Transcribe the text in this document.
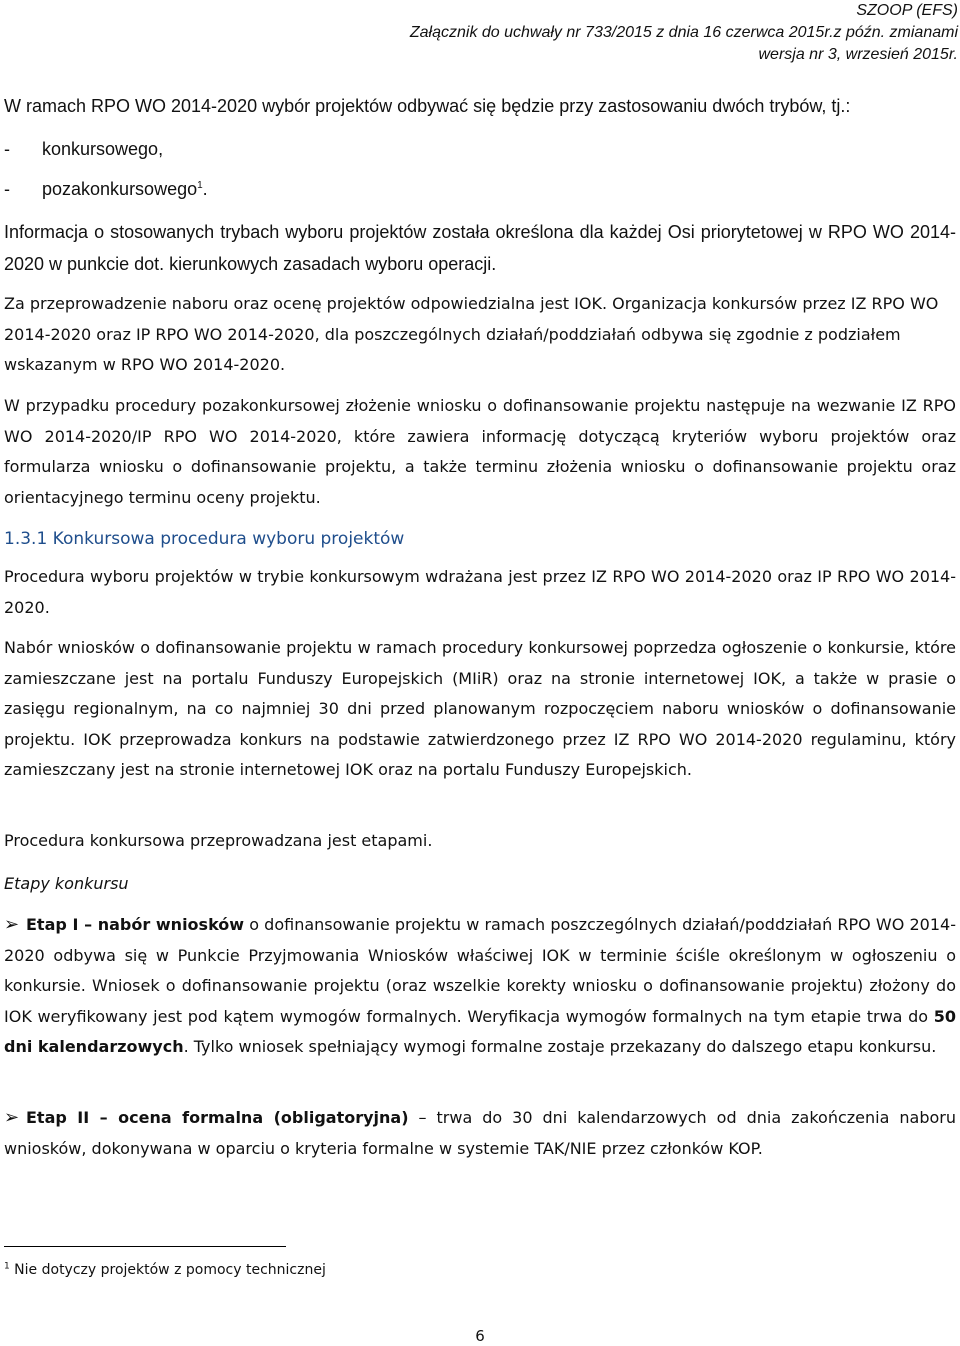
SZOOP (EFS)
Załącznik do uchwały nr 733/2015 z dnia 16 czerwca 2015r.z późn. zmianami
wersja nr 3, wrzesień 2015r.

W ramach RPO WO 2014-2020 wybór projektów odbywać się będzie przy zastosowaniu dwóch trybów, tj.:

- konkursowego,
- pozakonkursowego$^1$.

Informacja o stosowanych trybach wyboru projektów została określona dla każdej Osi priorytetowej w RPO WO 2014-2020 w punkcie dot. kierunkowych zasadach wyboru operacji.

Za przeprowadzenie naboru oraz ocenę projektów odpowiedzialna jest IOK. Organizacja konkursów przez IZ RPO WO 2014-2020 oraz IP RPO WO 2014-2020, dla poszczególnych działań/poddziałań odbywa się zgodnie z podziałem wskazanym w RPO WO 2014-2020.

W przypadku procedury pozakonkursowej złożenie wniosku o dofinansowanie projektu następuje na wezwanie IZ RPO WO 2014-2020/IP RPO WO 2014-2020, które zawiera informację dotyczącą kryteriów wyboru projektów oraz formularza wniosku o dofinansowanie projektu, a także terminu złożenia wniosku o dofinansowanie projektu oraz orientacyjnego terminu oceny projektu.

1.3.1 Konkursowa procedura wyboru projektów

Procedura wyboru projektów w trybie konkursowym wdrażana jest przez IZ RPO WO 2014-2020 oraz IP RPO WO 2014-2020.

Nabór wniosków o dofinansowanie projektu w ramach procedury konkursowej poprzedza ogłoszenie o konkursie, które zamieszczane jest na portalu Funduszy Europejskich (MIiR) oraz na stronie internetowej IOK, a także w prasie o zasięgu regionalnym, na co najmniej 30 dni przed planowanym rozpoczęciem naboru wniosków o dofinansowanie projektu. IOK przeprowadza konkurs na podstawie zatwierdzonego przez IZ RPO WO 2014-2020 regulaminu, który zamieszczany jest na stronie internetowej IOK oraz na portalu Funduszy Europejskich.

Procedura konkursowa przeprowadzana jest etapami.

Etapy konkursu

➢ Etap I – nabór wniosków o dofinansowanie projektu w ramach poszczególnych działań/poddziałań RPO WO 2014-2020 odbywa się w Punkcie Przyjmowania Wniosków właściwej IOK w terminie ściśle określonym w ogłoszeniu o konkursie. Wniosek o dofinansowanie projektu (oraz wszelkie korekty wniosku o dofinansowanie projektu) złożony do IOK weryfikowany jest pod kątem wymogów formalnych. Weryfikacja wymogów formalnych na tym etapie trwa do 50 dni kalendarzowych. Tylko wniosek spełniający wymogi formalne zostaje przekazany do dalszego etapu konkursu.

➢ Etap II – ocena formalna (obligatoryjna) – trwa do 30 dni kalendarzowych od dnia zakończenia naboru wniosków, dokonywana w oparciu o kryteria formalne w systemie TAK/NIE przez członków KOP.

$^1$ Nie dotyczy projektów z pomocy technicznej
6
